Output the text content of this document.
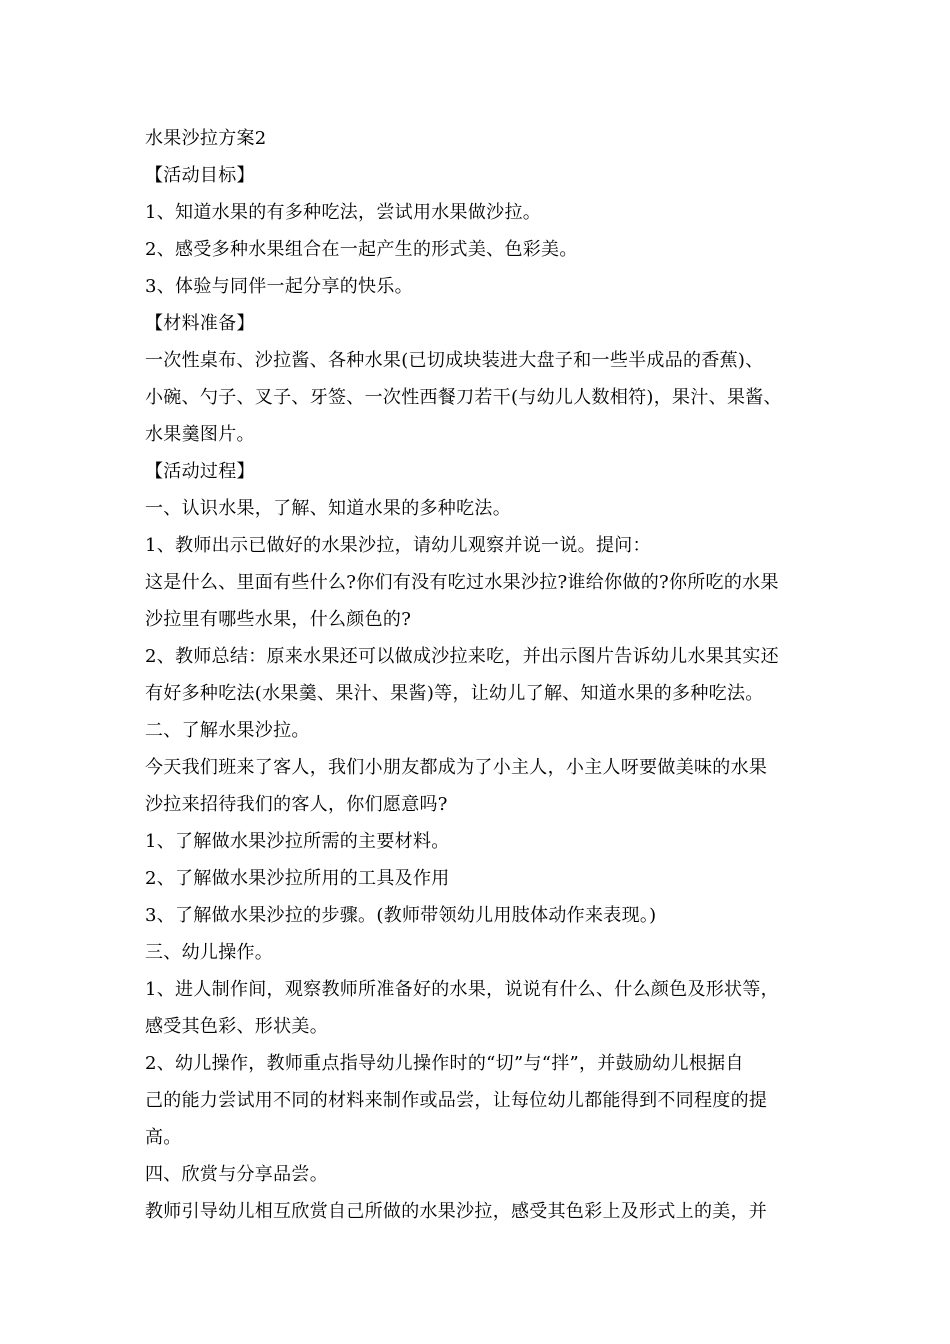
水果沙拉方案2
【活动目标】
1、知道水果的有多种吃法，尝试用水果做沙拉。
2、感受多种水果组合在一起产生的形式美、色彩美。
3、体验与同伴一起分享的快乐。
【材料准备】
一次性桌布、沙拉酱、各种水果(已切成块装进大盘子和一些半成品的香蕉)、
小碗、勺子、叉子、牙签、一次性西餐刀若干(与幼儿人数相符)，果汁、果酱、
水果羹图片。
【活动过程】
一、认识水果，了解、知道水果的多种吃法。
1、教师出示已做好的水果沙拉，请幼儿观察并说一说。提问：
这是什么、里面有些什么?你们有没有吃过水果沙拉?谁给你做的?你所吃的水果
沙拉里有哪些水果，什么颜色的?
2、教师总结：原来水果还可以做成沙拉来吃，并出示图片告诉幼儿水果其实还
有好多种吃法(水果羹、果汁、果酱)等，让幼儿了解、知道水果的多种吃法。
二、了解水果沙拉。
今天我们班来了客人，我们小朋友都成为了小主人，小主人呀要做美味的水果
沙拉来招待我们的客人，你们愿意吗?
1、了解做水果沙拉所需的主要材料。
2、了解做水果沙拉所用的工具及作用
3、了解做水果沙拉的步骤。(教师带领幼儿用肢体动作来表现。)
三、幼儿操作。
1、进人制作间，观察教师所准备好的水果，说说有什么、什么颜色及形状等，
感受其色彩、形状美。
2、幼儿操作，教师重点指导幼儿操作时的“切”与“拌”，并鼓励幼儿根据自
己的能力尝试用不同的材料来制作或品尝，让每位幼儿都能得到不同程度的提
高。
四、欣赏与分享品尝。
教师引导幼儿相互欣赏自己所做的水果沙拉，感受其色彩上及形式上的美，并
